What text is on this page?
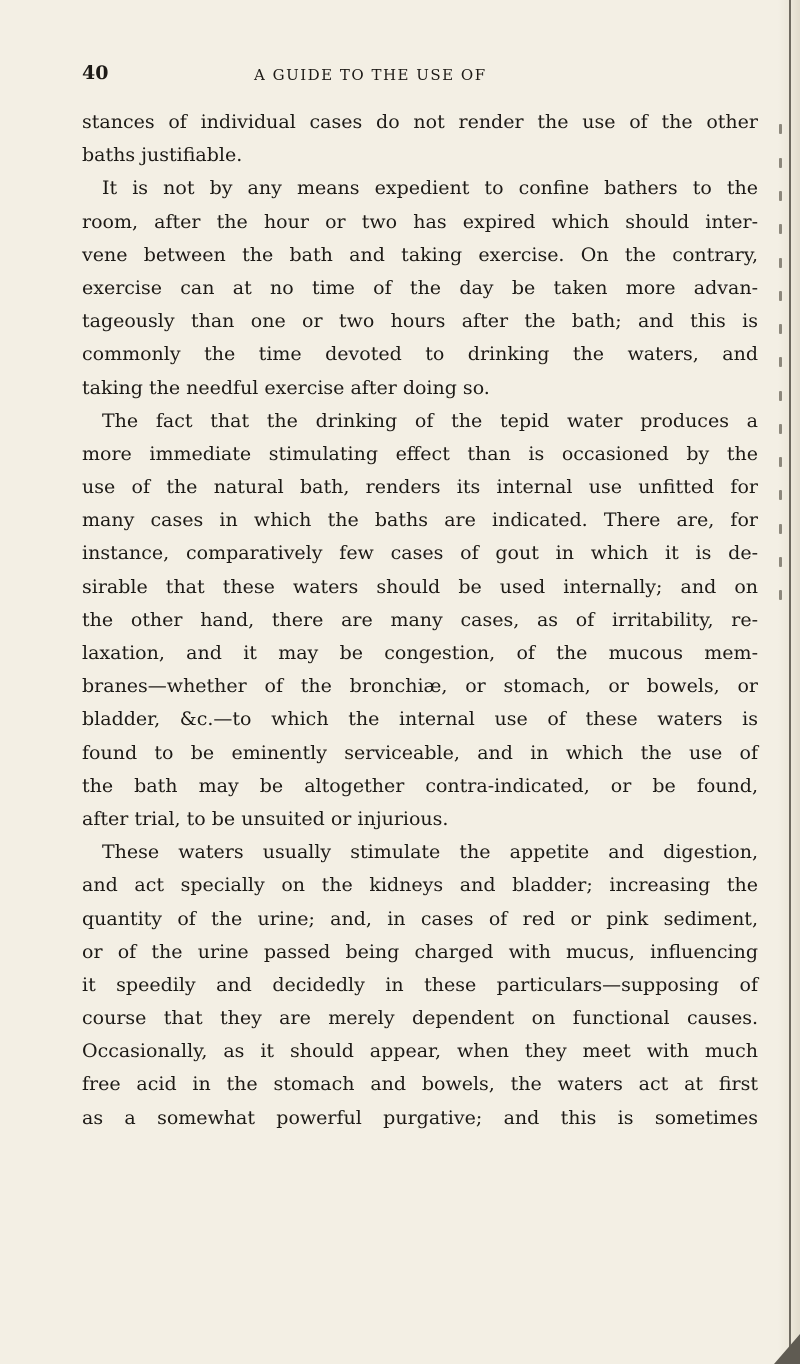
40	A GUIDE TO THE USE OF
stances of individual cases do not render the use of the other
baths justifiable.
It is not by any means expedient to confine bathers to the
room, after the hour or two has expired which should inter-
vene between the bath and taking exercise. On the contrary,
exercise can at no time of the day be taken more advan-
tageously than one or two hours after the bath; and this is
commonly the time devoted to drinking the waters, and
taking the needful exercise after doing so.
The fact that the drinking of the tepid water produces a
more immediate stimulating effect than is occasioned by the
use of the natural bath, renders its internal use unfitted for
many cases in which the baths are indicated. There are, for
instance, comparatively few cases of gout in which it is de-
sirable that these waters should be used internally; and on
the other hand, there are many cases, as of irritability, re-
laxation, and it may be congestion, of the mucous mem-
branes—whether of the bronchiæ, or stomach, or bowels, or
bladder, &c.—to which the internal use of these waters is
found to be eminently serviceable, and in which the use of
the bath may be altogether contra-indicated, or be found,
after trial, to be unsuited or injurious.
These waters usually stimulate the appetite and digestion,
and act specially on the kidneys and bladder; increasing the
quantity of the urine; and, in cases of red or pink sediment,
or of the urine passed being charged with mucus, influencing
it speedily and decidedly in these particulars—supposing of
course that they are merely dependent on functional causes.
Occasionally, as it should appear, when they meet with much
free acid in the stomach and bowels, the waters act at first
as a somewhat powerful purgative; and this is sometimes
